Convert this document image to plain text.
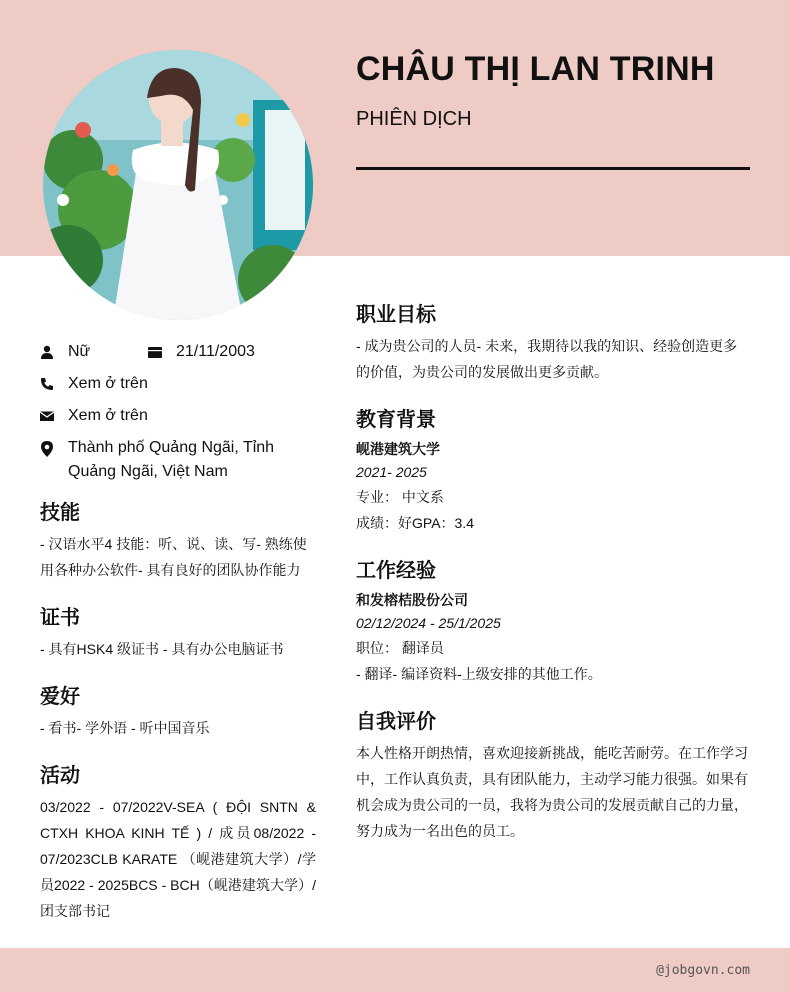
CHÂU THỊ LAN TRINH
PHIÊN DỊCH
Nữ	21/11/2003
Xem ở trên
Xem ở trên
Thành phố Quảng Ngãi, Tỉnh Quảng Ngãi, Việt Nam
技能
- 汉语水平4 技能：听、说、读、写- 熟练使用各种办公软件- 具有良好的团队协作能力
证书
- 具有HSK4 级证书 - 具有办公电脑证书
爱好
- 看书- 学外语 - 听中国音乐
活动
03/2022 - 07/2022V-SEA ( ĐỘI SNTN & CTXH KHOA KINH TẾ ) / 成员08/2022 - 07/2023CLB KARATE （岘港建筑大学）/学员2022 - 2025BCS - BCH（岘港建筑大学）/ 团支部书记
职业目标
- 成为贵公司的人员- 未来，我期待以我的知识、经验创造更多的价值，为贵公司的发展做出更多贡献。
教育背景
岘港建筑大学
2021- 2025
专业： 中文系
成绩：好GPA：3.4
工作经验
和发榕桔股份公司
02/12/2024 - 25/1/2025
职位： 翻译员
- 翻译- 编译资料-上级安排的其他工作。
自我评价
本人性格开朗热情，喜欢迎接新挑战，能吃苦耐劳。在工作学习中，工作认真负责，具有团队能力，主动学习能力很强。如果有机会成为贵公司的一员，我将为贵公司的发展贡献自己的力量，努力成为一名出色的员工。
@jobgovn.com
